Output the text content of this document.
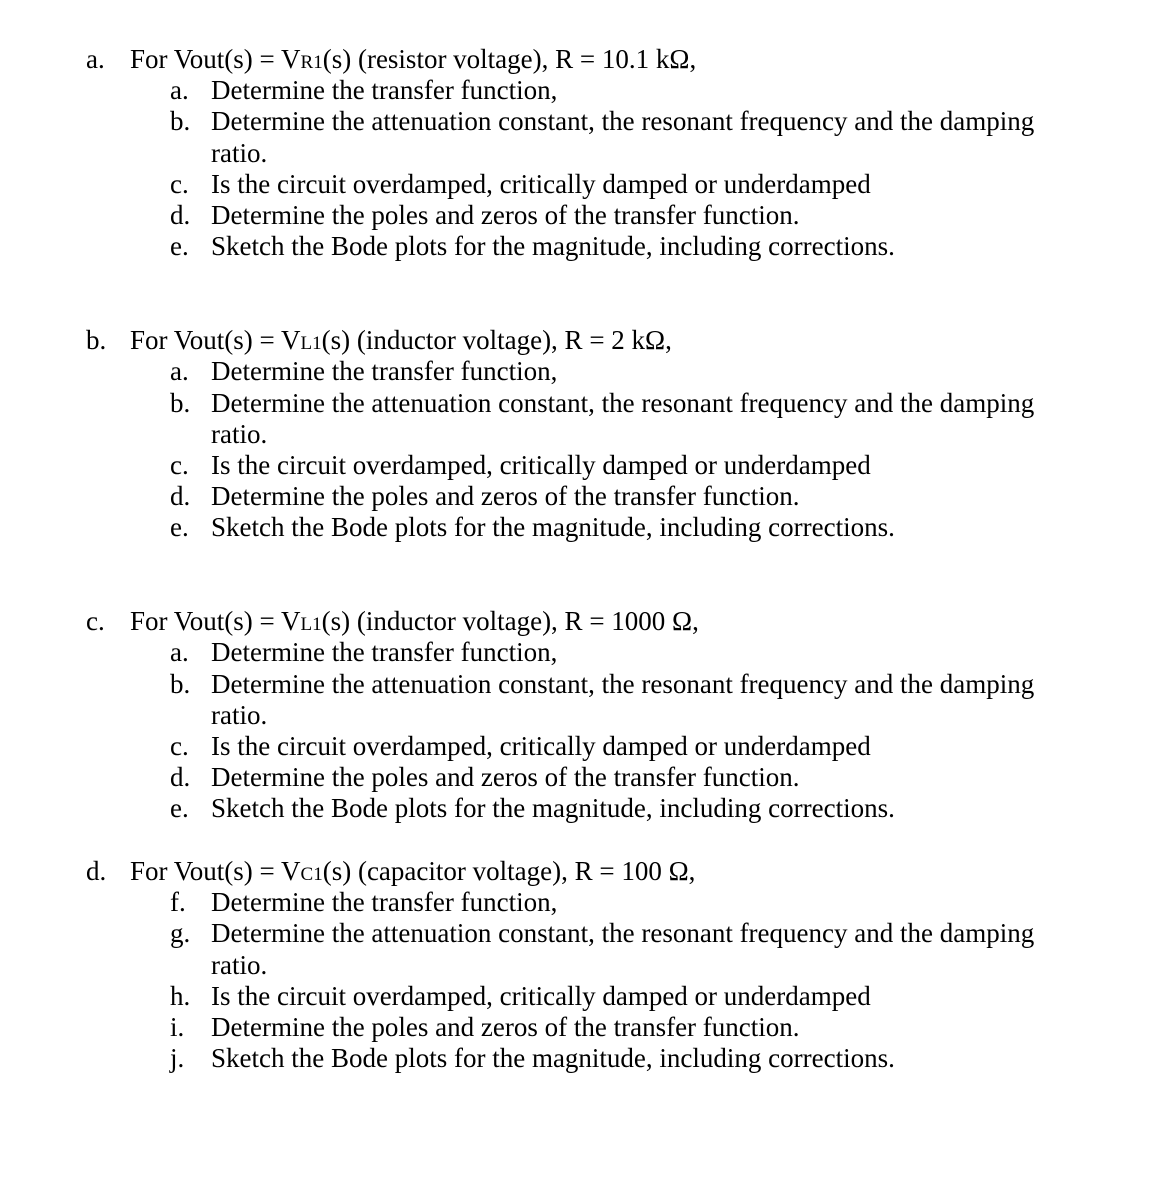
a. For Vout(s) = VR1(s) (resistor voltage), R = 10.1 kΩ,
a. Determine the transfer function,
b. Determine the attenuation constant, the resonant frequency and the damping
ratio.
c. Is the circuit overdamped, critically damped or underdamped
d. Determine the poles and zeros of the transfer function.
e. Sketch the Bode plots for the magnitude, including corrections.
b. For Vout(s) = VL1(s) (inductor voltage), R = 2 kΩ,
a. Determine the transfer function,
b. Determine the attenuation constant, the resonant frequency and the damping
ratio.
c. Is the circuit overdamped, critically damped or underdamped
d. Determine the poles and zeros of the transfer function.
e. Sketch the Bode plots for the magnitude, including corrections.
c. For Vout(s) = VL1(s) (inductor voltage), R = 1000 Ω,
a. Determine the transfer function,
b. Determine the attenuation constant, the resonant frequency and the damping
ratio.
c. Is the circuit overdamped, critically damped or underdamped
d. Determine the poles and zeros of the transfer function.
e. Sketch the Bode plots for the magnitude, including corrections.
d. For Vout(s) = VC1(s) (capacitor voltage), R = 100 Ω,
f. Determine the transfer function,
g. Determine the attenuation constant, the resonant frequency and the damping
ratio.
h. Is the circuit overdamped, critically damped or underdamped
i. Determine the poles and zeros of the transfer function.
j. Sketch the Bode plots for the magnitude, including corrections.
